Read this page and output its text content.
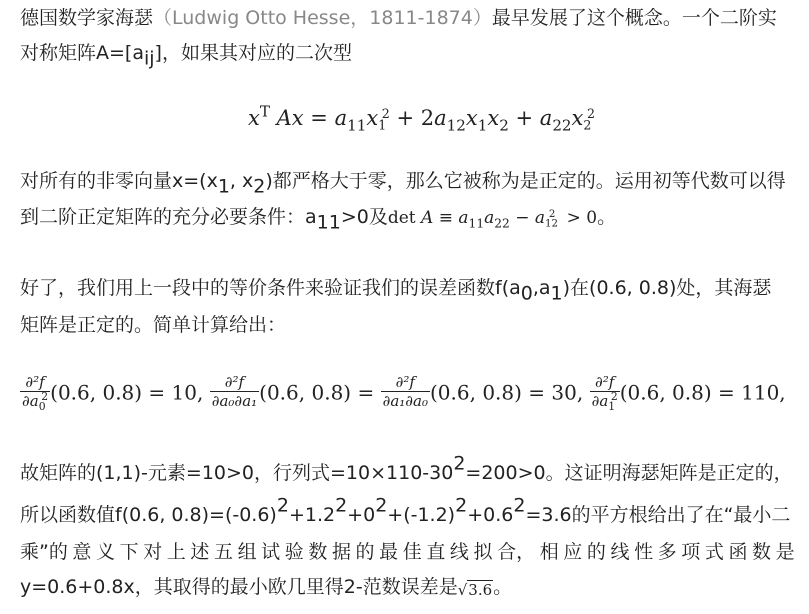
德国数学家海瑟（Ludwig Otto Hesse，1811-1874）最早发展了这个概念。一个二阶实
对称矩阵A=[aij]，如果其对应的二次型
$x^T$ $Ax = a_{11}x_1^2 + 2a_{12}x_1x_2 + a_{22}x_2^2$
对所有的非零向量x=(x1, x2)都严格大于零，那么它被称为是正定的。运用初等代数可以得
到二阶正定矩阵的充分必要条件：a11>0及$\det A \equiv a_{11}a_{22} - a_{12}^2 > 0$。
好了，我们用上一段中的等价条件来验证我们的误差函数f(a0,a1)在(0.6, 0.8)处，其海瑟
矩阵是正定的。简单计算给出：
$\frac{\text{∂²f}}{\partial a_0^2} (0.6$, 0.8) = 10, $\frac{\text{∂²f}}{\text{∂a₀∂a₁}} (0.6$, $0.8) = \frac{\text{∂²f}}{\text{∂a₁∂a₀}} (0.6$, 0.8) = 30, $\frac{\text{∂²f}}{\partial a_1^2} (0.6$, 0.8) = 110,
故矩阵的(1,1)-元素=10>0，行列式=10×110-302=200>0。这证明海瑟矩阵是正定的，
所以函数值f(0.6, 0.8)=(-0.6)2+1.22+02+(-1.2)2+0.62=3.6的平方根给出了在“最小二
乘”的 意 义 下 对 上 述 五 组 试 验 数 据 的 最 佳 直 线 拟 合， 相 应 的 线 性 多 项 式 函 数 是
y=0.6+0.8x，其取得的最小欧几里得2-范数误差是√3.6。
